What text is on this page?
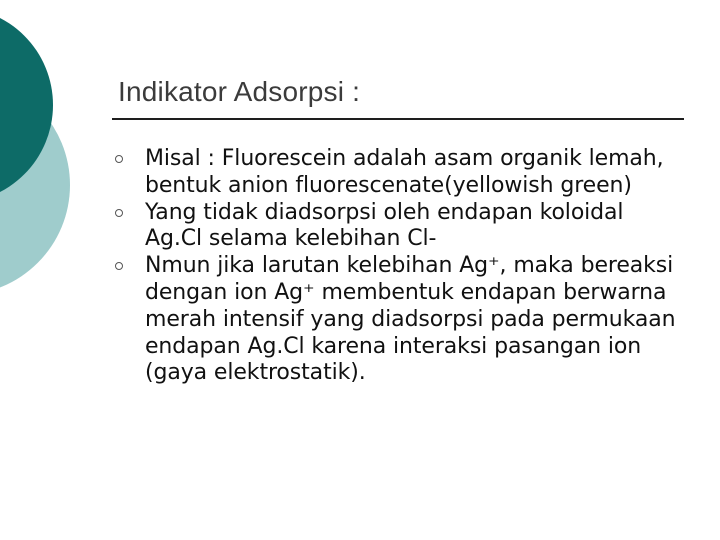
Indikator Adsorpsi :
Misal : Fluorescein adalah asam organik lemah, bentuk anion fluorescenate(yellowish green)
Yang tidak diadsorpsi oleh endapan koloidal Ag.Cl selama kelebihan Cl-
Nmun jika larutan kelebihan Ag⁺, maka bereaksi dengan ion Ag⁺ membentuk endapan berwarna merah intensif yang diadsorpsi pada permukaan endapan Ag.Cl karena interaksi pasangan ion (gaya elektrostatik).
